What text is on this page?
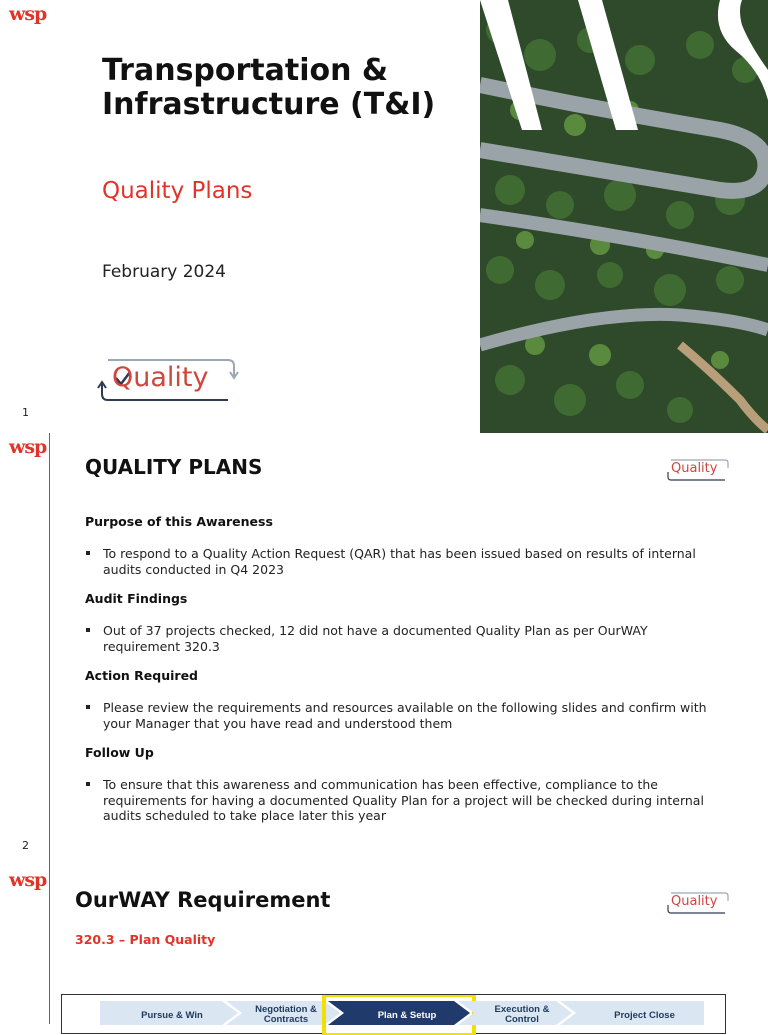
wsp
Transportation &
Infrastructure (T&I)
Quality Plans
February 2024
Quality
1
wsp
QUALITY PLANS	Quality
Purpose of this Awareness
To respond to a Quality Action Request (QAR) that has been issued based on results of internal
audits conducted in Q4 2023
Audit Findings
Out of 37 projects checked, 12 did not have a documented Quality Plan as per OurWAY
requirement 320.3
Action Required
Please review the requirements and resources available on the following slides and confirm with
your Manager that you have read and understood them
Follow Up
To ensure that this awareness and communication has been effective, compliance to the
requirements for having a documented Quality Plan for a project will be checked during internal
audits scheduled to take place later this year
2
wsp
OurWAY Requirement
320.3 – Plan Quality
Quality
Pursue & Win
Negotiation &
Contracts	Plan & Setup
Execution &
Control	Project Close
